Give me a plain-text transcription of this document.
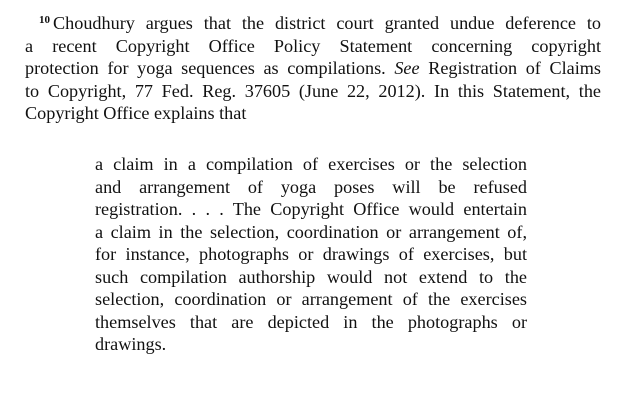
$^{10}$ Choudhury argues that the district court granted undue deference to
a recent Copyright Office Policy Statement concerning copyright
protection for yoga sequences as compilations. See Registration of Claims
to Copyright, 77 Fed. Reg. 37605 (June 22, 2012). In this Statement, the
Copyright Office explains that
a claim in a compilation of exercises or the selection
and arrangement of yoga poses will be refused
registration. . . . The Copyright Office would entertain
a claim in the selection, coordination or arrangement of,
for instance, photographs or drawings of exercises, but
such compilation authorship would not extend to the
selection, coordination or arrangement of the exercises
themselves that are depicted in the photographs or
drawings.
